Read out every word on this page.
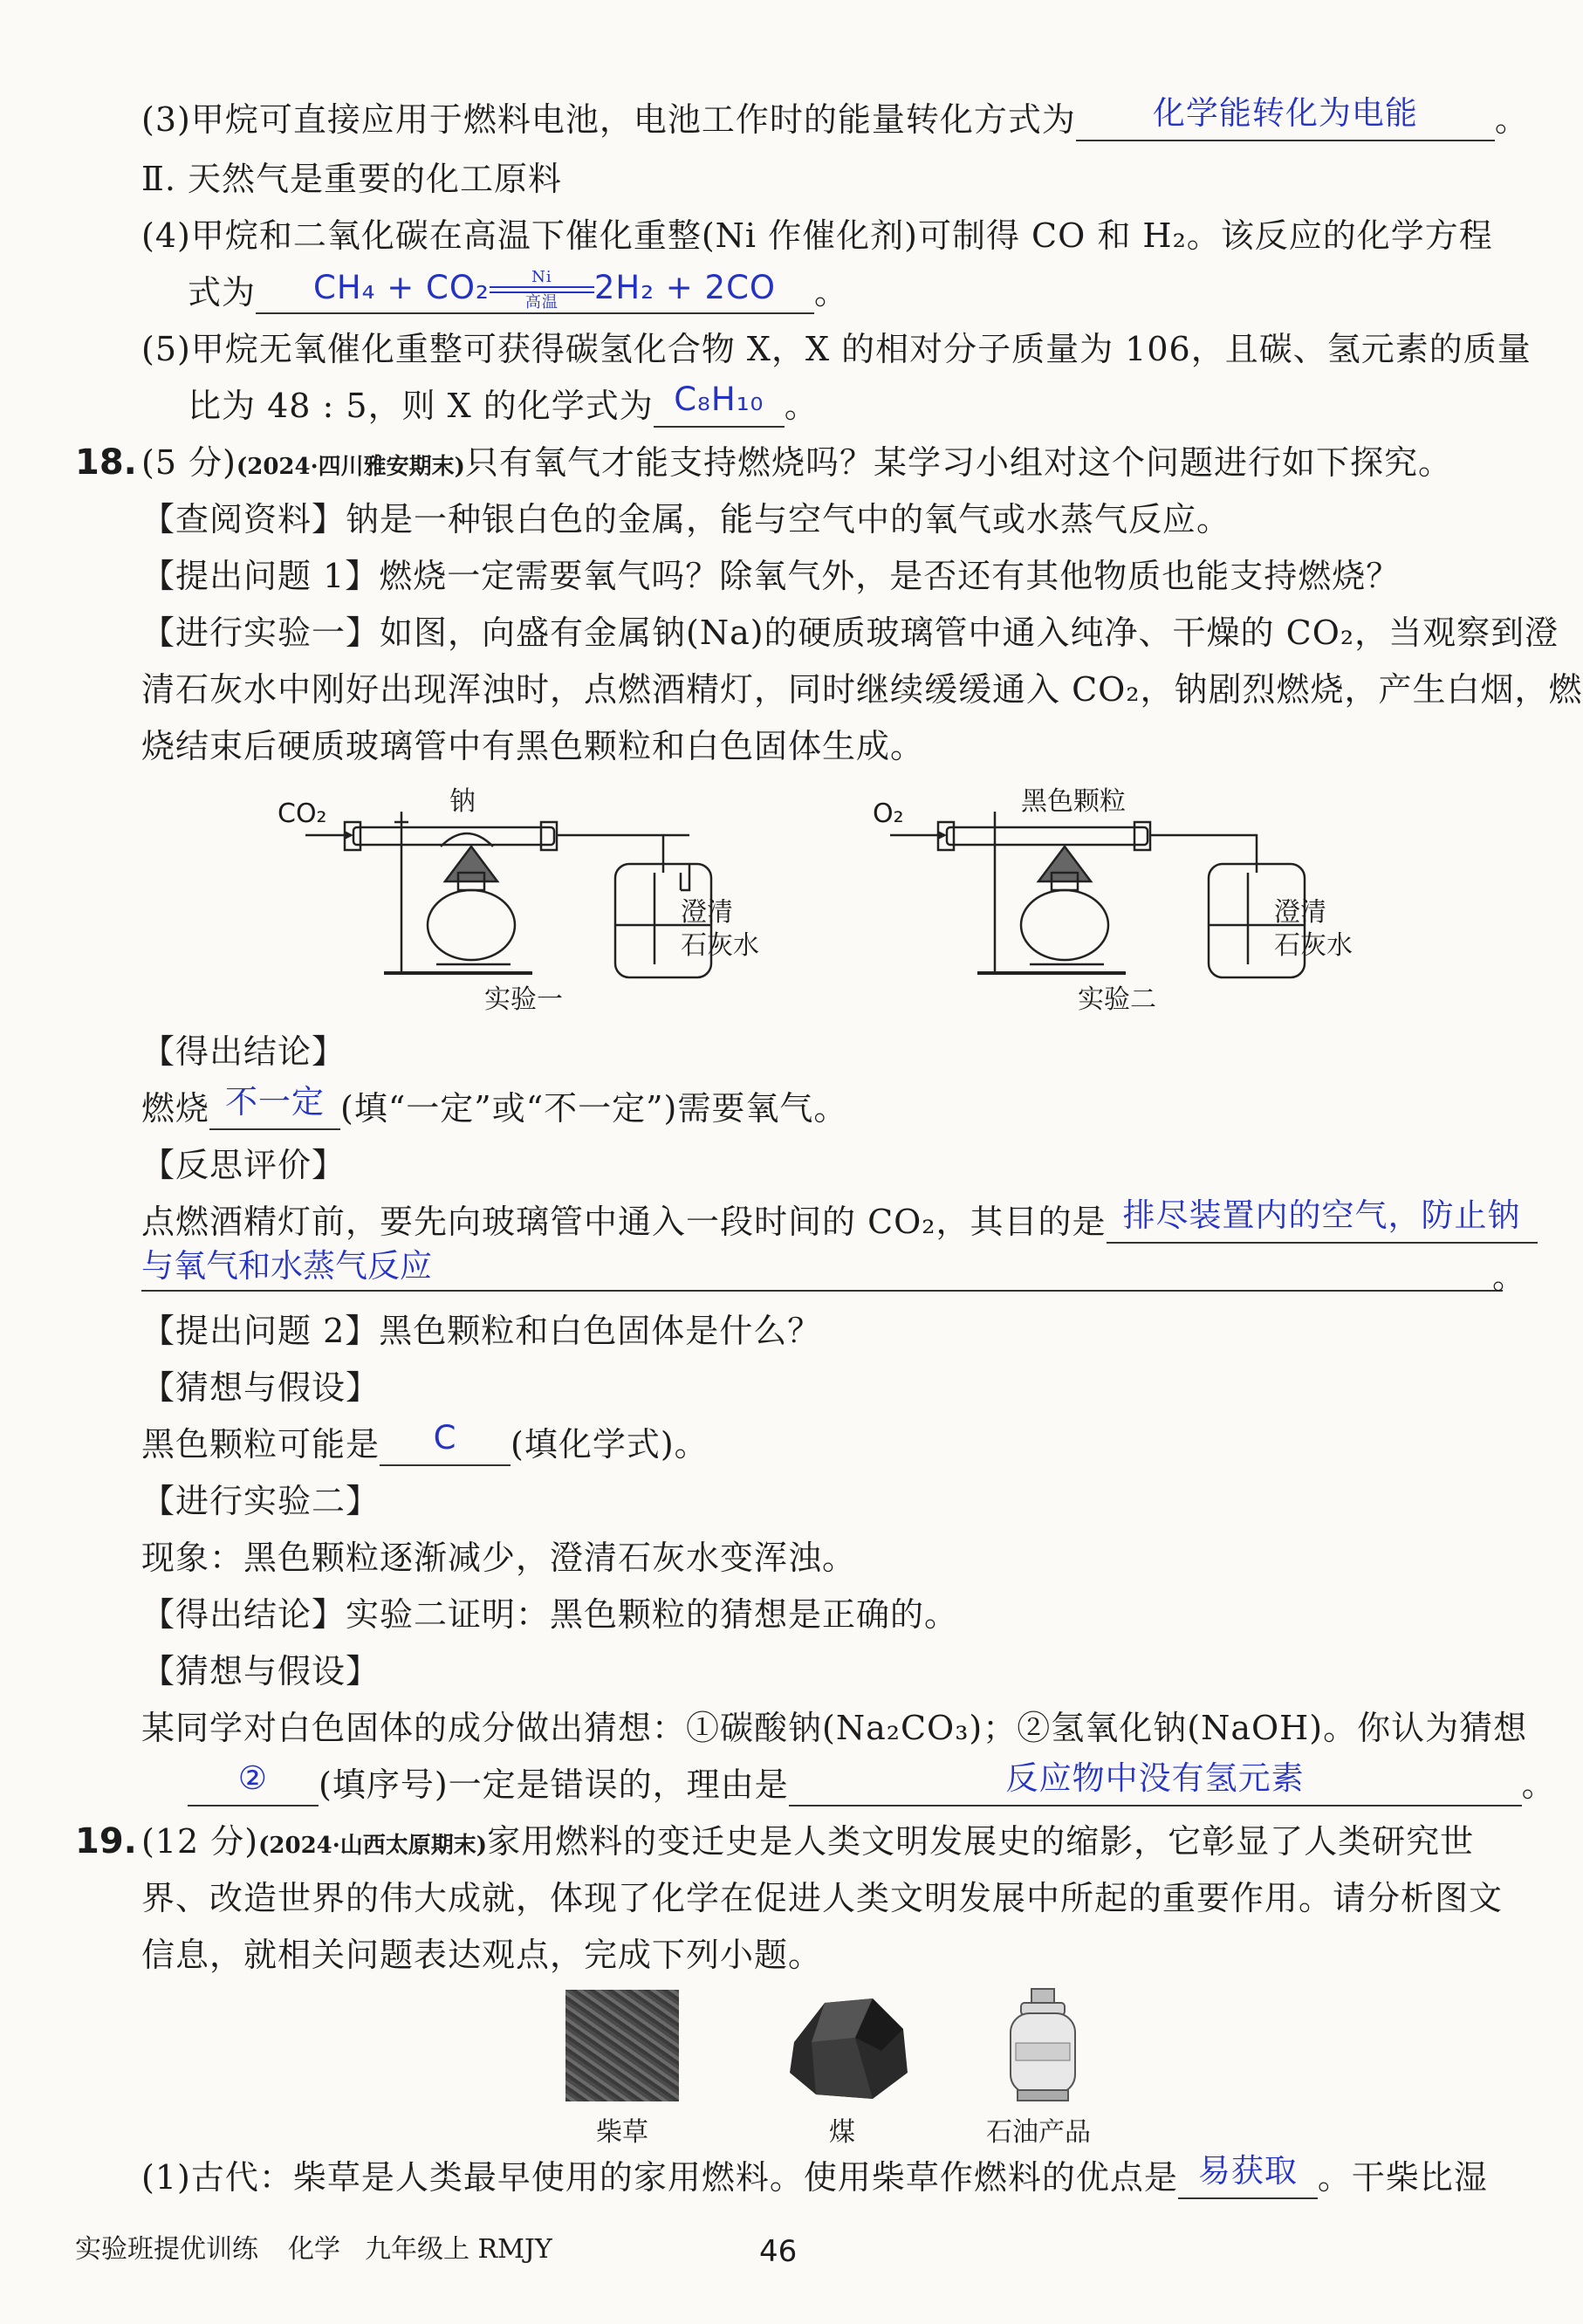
(3)甲烷可直接应用于燃料电池，电池工作时的能量转化方式为 化学能转化为电能 。
Ⅱ. 天然气是重要的化工原料
(4)甲烷和二氧化碳在高温下催化重整(Ni 作催化剂)可制得 CO 和 H₂。该反应的化学方程
式为 CH₄ + CO₂	Ni
高温	2H₂ + 2CO 。
(5)甲烷无氧催化重整可获得碳氢化合物 X，X 的相对分子质量为 106，且碳、氢元素的质量
比为 48 : 5，则 X 的化学式为 C₈H₁₀ 。
18. (5 分)(2024·四川雅安期末)只有氧气才能支持燃烧吗？某学习小组对这个问题进行如下探究。
【查阅资料】钠是一种银白色的金属，能与空气中的氧气或水蒸气反应。
【提出问题 1】燃烧一定需要氧气吗？除氧气外，是否还有其他物质也能支持燃烧？
【进行实验一】如图，向盛有金属钠(Na)的硬质玻璃管中通入纯净、干燥的 CO₂，当观察到澄
清石灰水中刚好出现浑浊时，点燃酒精灯，同时继续缓缓通入 CO₂，钠剧烈燃烧，产生白烟，燃
烧结束后硬质玻璃管中有黑色颗粒和白色固体生成。
CO₂	钠
澄清
石灰水
实验一
O₂	黑色颗粒
澄清
石灰水
实验二
【得出结论】
燃烧 不一定 (填“一定”或“不一定”)需要氧气。
【反思评价】
点燃酒精灯前，要先向玻璃管中通入一段时间的 CO₂，其目的是 排尽装置内的空气，防止钠
与氧气和水蒸气反应	。
【提出问题 2】黑色颗粒和白色固体是什么？
【猜想与假设】
黑色颗粒可能是 C (填化学式)。
【进行实验二】
现象：黑色颗粒逐渐减少，澄清石灰水变浑浊。
【得出结论】实验二证明：黑色颗粒的猜想是正确的。
【猜想与假设】
某同学对白色固体的成分做出猜想：①碳酸钠(Na₂CO₃)；②氢氧化钠(NaOH)。你认为猜想
② (填序号)一定是错误的，理由是	反应物中没有氢元素	。
19. (12 分)(2024·山西太原期末)家用燃料的变迁史是人类文明发展史的缩影，它彰显了人类研究世
界、改造世界的伟大成就，体现了化学在促进人类文明发展中所起的重要作用。请分析图文
信息，就相关问题表达观点，完成下列小题。
柴草	煤	石油产品
(1)古代：柴草是人类最早使用的家用燃料。使用柴草作燃料的优点是 易获取 。干柴比湿
实验班提优训练 化学 九年级上 RMJY	46
